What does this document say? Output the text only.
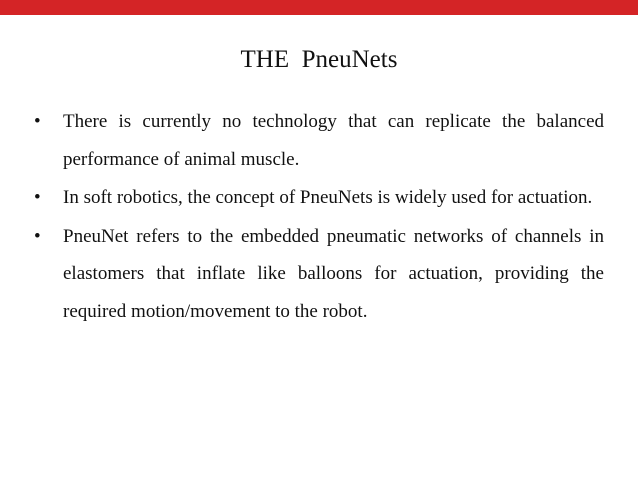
THE  PneuNets
• There is currently no technology that can replicate the balanced performance of animal muscle.
• In soft robotics, the concept of PneuNets is widely used for actuation.
• PneuNet refers to the embedded pneumatic networks of channels in elastomers that inflate like balloons for actuation, providing the required motion/movement to the robot.
